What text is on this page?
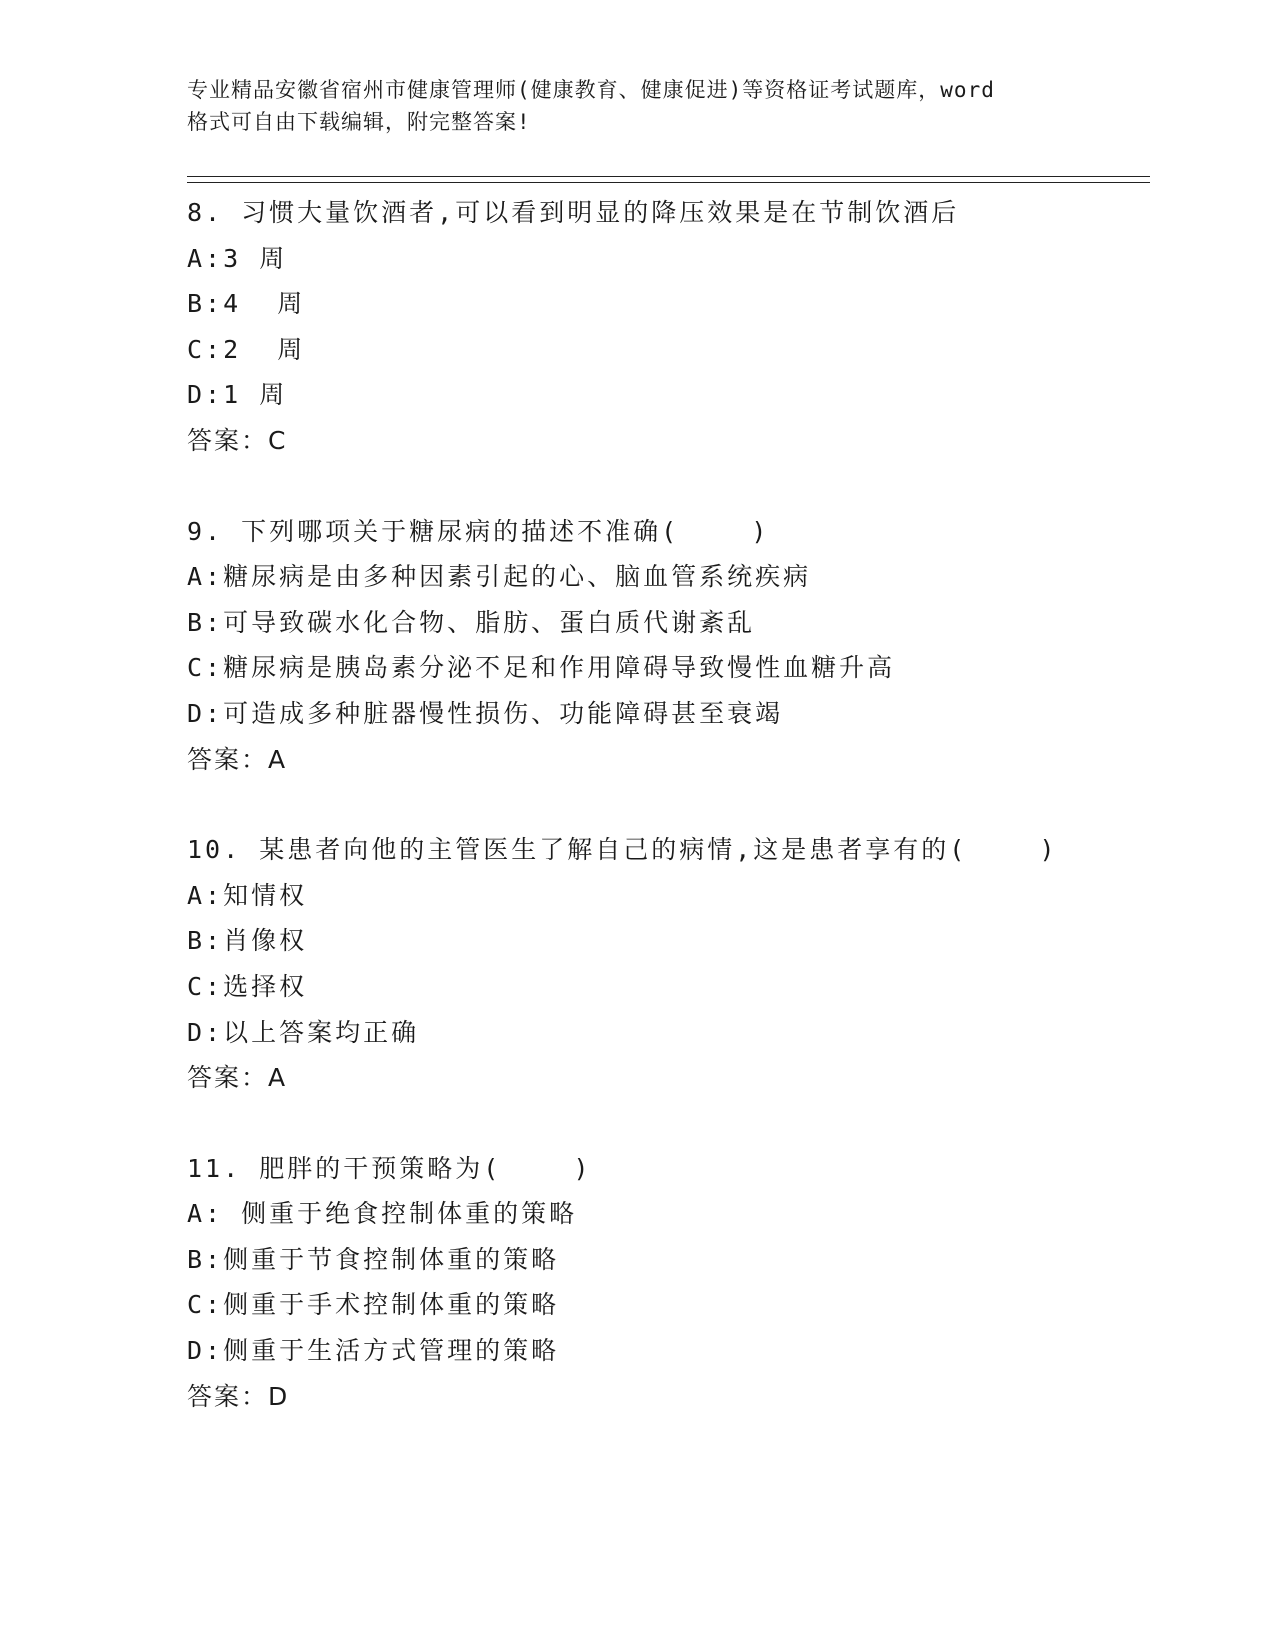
专业精品安徽省宿州市健康管理师(健康教育、健康促进)等资格证考试题库，word
格式可自由下载编辑，附完整答案!
8. 习惯大量饮酒者,可以看到明显的降压效果是在节制饮酒后
A:3 周
B:4  周
C:2  周
D:1 周
答案：C
9. 下列哪项关于糖尿病的描述不准确(    )
A:糖尿病是由多种因素引起的心、脑血管系统疾病
B:可导致碳水化合物、脂肪、蛋白质代谢紊乱
C:糖尿病是胰岛素分泌不足和作用障碍导致慢性血糖升高
D:可造成多种脏器慢性损伤、功能障碍甚至衰竭
答案：A
10. 某患者向他的主管医生了解自己的病情,这是患者享有的(    )
A:知情权
B:肖像权
C:选择权
D:以上答案均正确
答案：A
11. 肥胖的干预策略为(    )
A: 侧重于绝食控制体重的策略
B:侧重于节食控制体重的策略
C:侧重于手术控制体重的策略
D:侧重于生活方式管理的策略
答案：D
